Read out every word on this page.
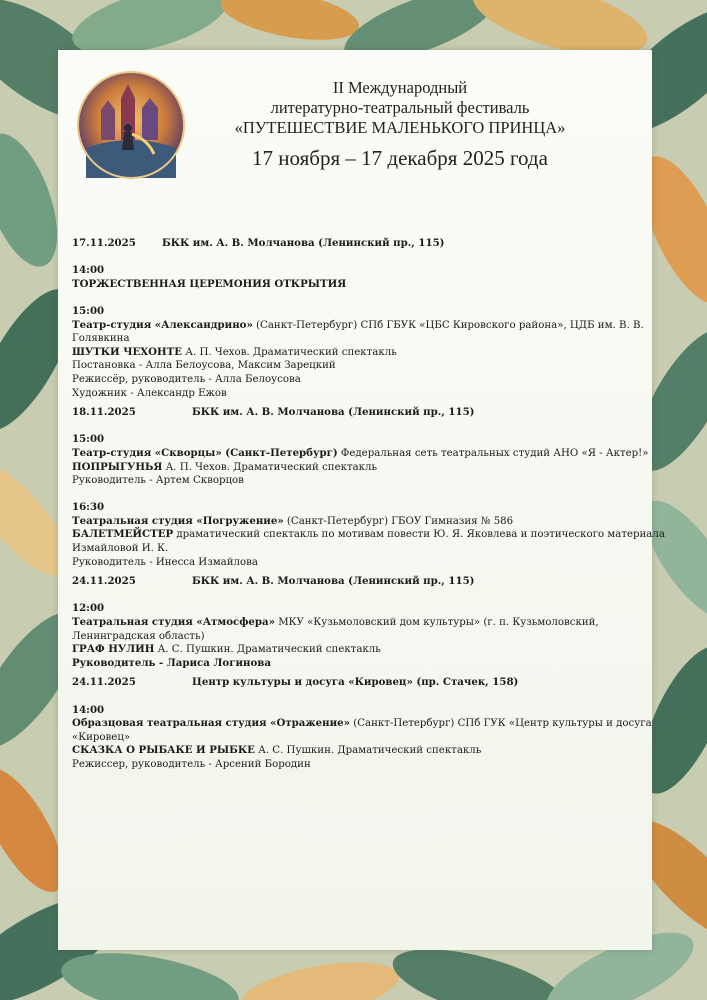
II Международный
литературно-театральный фестиваль
«ПУТЕШЕСТВИЕ МАЛЕНЬКОГО ПРИНЦА»
17 ноября – 17 декабря 2025 года
17.11.2025	БКК им. А. В. Молчанова (Ленинский пр., 115)
14:00
ТОРЖЕСТВЕННАЯ ЦЕРЕМОНИЯ ОТКРЫТИЯ
15:00
Театр-студия «Александрино» (Санкт-Петербург) СПб ГБУК «ЦБС Кировского района», ЦДБ им. В. В.
Голявкина
ШУТКИ ЧЕХОНТЕ А. П. Чехов. Драматический спектакль
Постановка - Алла Белоусова, Максим Зарецкий
Режиссёр, руководитель - Алла Белоусова
Художник - Александр Ежов
18.11.2025	БКК им. А. В. Молчанова (Ленинский пр., 115)
15:00
Театр-студия «Скворцы» (Санкт-Петербург) Федеральная сеть театральных студий АНО «Я - Актер!»
ПОПРЫГУНЬЯ А. П. Чехов. Драматический спектакль
Руководитель - Артем Скворцов
16:30
Театральная студия «Погружение» (Санкт-Петербург) ГБОУ Гимназия № 586
БАЛЕТМЕЙСТЕР драматический спектакль по мотивам повести Ю. Я. Яковлева и поэтического материала
Измайловой И. К.
Руководитель - Инесса Измайлова
24.11.2025	БКК им. А. В. Молчанова (Ленинский пр., 115)
12:00
Театральная студия «Атмосфера» МКУ «Кузьмоловский дом культуры» (г. п. Кузьмоловский,
Ленинградская область)
ГРАФ НУЛИН А. С. Пушкин. Драматический спектакль
Руководитель - Лариса Логинова
24.11.2025	Центр культуры и досуга «Кировец» (пр. Стачек, 158)
14:00
Образцовая театральная студия «Отражение» (Санкт-Петербург) СПб ГУК «Центр культуры и досуга
«Кировец»
СКАЗКА О РЫБАКЕ И РЫБКЕ А. С. Пушкин. Драматический спектакль
Режиссер, руководитель - Арсений Бородин
